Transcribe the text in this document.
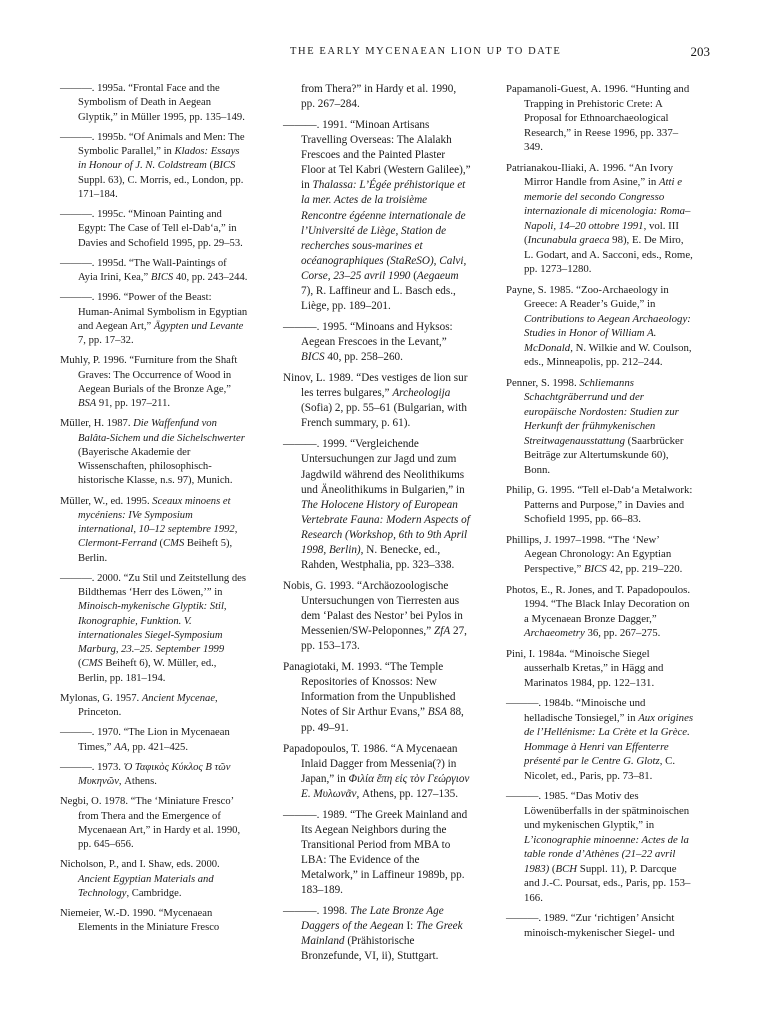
THE EARLY MYCENAEAN LION UP TO DATE	203

———. 1995a. “Frontal Face and the Symbolism of Death in Aegean Glyptik,” in Müller 1995, pp. 135–149.

———. 1995b. “Of Animals and Men: The Symbolic Parallel,” in Klados: Essays in Honour of J. N. Coldstream (BICS Suppl. 63), C. Morris, ed., London, pp. 171–184.

———. 1995c. “Minoan Painting and Egypt: The Case of Tell el-Dab‘a,” in Davies and Schofield 1995, pp. 29–53.

———. 1995d. “The Wall-Paintings of Ayia Irini, Kea,” BICS 40, pp. 243–244.

———. 1996. “Power of the Beast: Human-Animal Symbolism in Egyptian and Aegean Art,” Ägypten und Levante 7, pp. 17–32.

Muhly, P. 1996. “Furniture from the Shaft Graves: The Occurrence of Wood in Aegean Burials of the Bronze Age,” BSA 91, pp. 197–211.

Müller, H. 1987. Die Waffenfund von Balâta-Sichem und die Sichelschwerter (Bayerische Akademie der Wissenschaften, philosophisch-historische Klasse, n.s. 97), Munich.

Müller, W., ed. 1995. Sceaux minoens et mycéniens: IVe Symposium international, 10–12 septembre 1992, Clermont-Ferrand (CMS Beiheft 5), Berlin.

———. 2000. “Zu Stil und Zeitstellung des Bildthemas ‘Herr des Löwen,’” in Minoisch-mykenische Glyptik: Stil, Ikonographie, Funktion. V. internationales Siegel-Symposium Marburg, 23.–25. September 1999 (CMS Beiheft 6), W. Müller, ed., Berlin, pp. 181–194.

Mylonas, G. 1957. Ancient Mycenae, Princeton.

———. 1970. “The Lion in Mycenaean Times,” AA, pp. 421–425.

———. 1973. Ὁ Ταφικὸς Κύκλος Β τῶν Μυκηνῶν, Athens.

Negbi, O. 1978. “The ‘Miniature Fresco’ from Thera and the Emergence of Mycenaean Art,” in Hardy et al. 1990, pp. 645–656.

Nicholson, P., and I. Shaw, eds. 2000. Ancient Egyptian Materials and Technology, Cambridge.

Niemeier, W.-D. 1990. “Mycenaean Elements in the Miniature Fresco

from Thera?” in Hardy et al. 1990, pp. 267–284.

———. 1991. “Minoan Artisans Travelling Overseas: The Alalakh Frescoes and the Painted Plaster Floor at Tel Kabri (Western Galilee),” in Thalassa: L’Égée préhistorique et la mer. Actes de la troisième Rencontre égéenne internationale de l’Université de Liège, Station de recherches sous-marines et océanographiques (StaReSO), Calvi, Corse, 23–25 avril 1990 (Aegaeum 7), R. Laffineur and L. Basch eds., Liège, pp. 189–201.

———. 1995. “Minoans and Hyksos: Aegean Frescoes in the Levant,” BICS 40, pp. 258–260.

Ninov, L. 1989. “Des vestiges de lion sur les terres bulgares,” Archeologija (Sofia) 2, pp. 55–61 (Bulgarian, with French summary, p. 61).

———. 1999. “Vergleichende Untersuchungen zur Jagd und zum Jagdwild während des Neolithikums und Äneolithikums in Bulgarien,” in The Holocene History of European Vertebrate Fauna: Modern Aspects of Research (Workshop, 6th to 9th April 1998, Berlin), N. Benecke, ed., Rahden, Westphalia, pp. 323–338.

Nobis, G. 1993. “Archäozoologische Untersuchungen von Tierresten aus dem ‘Palast des Nestor’ bei Pylos in Messenien/SW-Peloponnes,” ZfA 27, pp. 153–173.

Panagiotaki, M. 1993. “The Temple Repositories of Knossos: New Information from the Unpublished Notes of Sir Arthur Evans,” BSA 88, pp. 49–91.

Papadopoulos, T. 1986. “A Mycenaean Inlaid Dagger from Messenia(?) in Japan,” in Φιλία ἔπη εἰς τὸν Γεώργιον Ε. Μυλωνᾶν, Athens, pp. 127–135.

———. 1989. “The Greek Mainland and Its Aegean Neighbors during the Transitional Period from MBA to LBA: The Evidence of the Metalwork,” in Laffineur 1989b, pp. 183–189.

———. 1998. The Late Bronze Age Daggers of the Aegean I: The Greek Mainland (Prähistorische Bronzefunde, VI, ii), Stuttgart.

Papamanoli-Guest, A. 1996. “Hunting and Trapping in Prehistoric Crete: A Proposal for Ethnoarchaeological Research,” in Reese 1996, pp. 337–349.

Patrianakou-Iliaki, A. 1996. “An Ivory Mirror Handle from Asine,” in Atti e memorie del secondo Congresso internazionale di micenologia: Roma–Napoli, 14–20 ottobre 1991, vol. III (Incunabula graeca 98), E. De Miro, L. Godart, and A. Sacconi, eds., Rome, pp. 1273–1280.

Payne, S. 1985. “Zoo-Archaeology in Greece: A Reader’s Guide,” in Contributions to Aegean Archaeology: Studies in Honor of William A. McDonald, N. Wilkie and W. Coulson, eds., Minneapolis, pp. 212–244.

Penner, S. 1998. Schliemanns Schachtgräberrund und der europäische Nordosten: Studien zur Herkunft der frühmykenischen Streitwagenausstattung (Saarbrücker Beiträge zur Altertumskunde 60), Bonn.

Philip, G. 1995. “Tell el-Dab‘a Metalwork: Patterns and Purpose,” in Davies and Schofield 1995, pp. 66–83.

Phillips, J. 1997–1998. “The ‘New’ Aegean Chronology: An Egyptian Perspective,” BICS 42, pp. 219–220.

Photos, E., R. Jones, and T. Papadopoulos. 1994. “The Black Inlay Decoration on a Mycenaean Bronze Dagger,” Archaeometry 36, pp. 267–275.

Pini, I. 1984a. “Minoische Siegel ausserhalb Kretas,” in Hägg and Marinatos 1984, pp. 122–131.

———. 1984b. “Minoische und helladische Tonsiegel,” in Aux origines de l’Hellénisme: La Crète et la Grèce. Hommage à Henri van Effenterre présenté par le Centre G. Glotz, C. Nicolet, ed., Paris, pp. 73–81.

———. 1985. “Das Motiv des Löwenüberfalls in der spätminoischen und mykenischen Glyptik,” in L’iconographie minoenne: Actes de la table ronde d’Athènes (21–22 avril 1983) (BCH Suppl. 11), P. Darcque and J.-C. Poursat, eds., Paris, pp. 153–166.

———. 1989. “Zur ‘richtigen’ Ansicht minoisch-mykenischer Siegel- und
